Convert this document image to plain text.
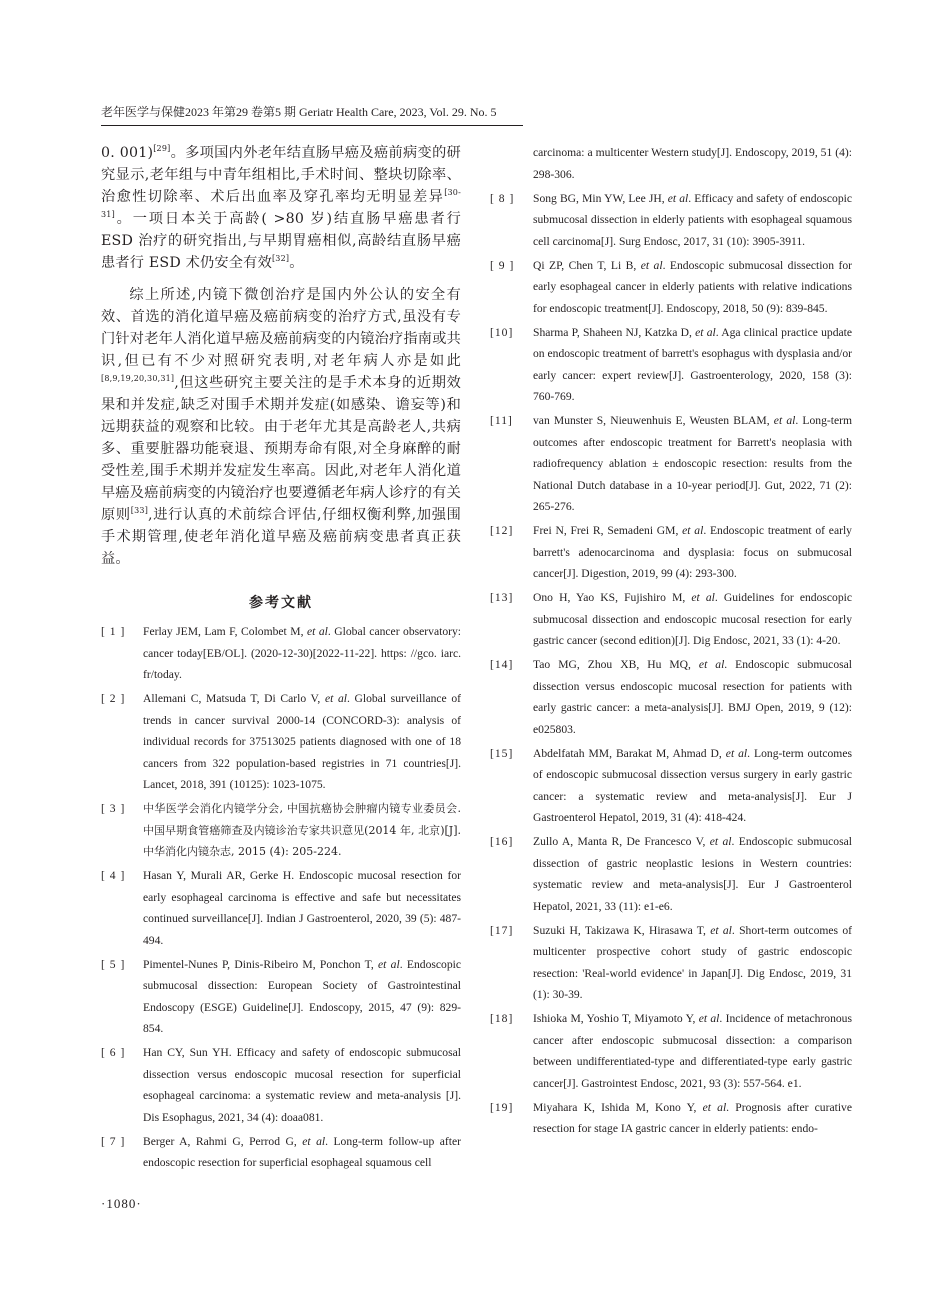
老年医学与保健2023 年第29 卷第5 期 Geriatr Health Care, 2023, Vol. 29. No. 5

0. 001)[29]。多项国内外老年结直肠早癌及癌前病变的研究显示,老年组与中青年组相比,手术时间、整块切除率、治愈性切除率、术后出血率及穿孔率均无明显差异[30-31]。一项日本关于高龄( >80 岁)结直肠早癌患者行 ESD 治疗的研究指出,与早期胃癌相似,高龄结直肠早癌患者行 ESD 术仍安全有效[32]。

综上所述,内镜下微创治疗是国内外公认的安全有效、首选的消化道早癌及癌前病变的治疗方式,虽没有专门针对老年人消化道早癌及癌前病变的内镜治疗指南或共识,但已有不少对照研究表明,对老年病人亦是如此[8,9,19,20,30,31],但这些研究主要关注的是手术本身的近期效果和并发症,缺乏对围手术期并发症(如感染、谵妄等)和远期获益的观察和比较。由于老年尤其是高龄老人,共病多、重要脏器功能衰退、预期寿命有限,对全身麻醉的耐受性差,围手术期并发症发生率高。因此,对老年人消化道早癌及癌前病变的内镜治疗也要遵循老年病人诊疗的有关原则[33],进行认真的术前综合评估,仔细权衡利弊,加强围手术期管理,使老年消化道早癌及癌前病变患者真正获益。

参考文献
[ 1 ]	Ferlay JEM, Lam F, Colombet M, et al. Global cancer observatory: cancer today[EB/OL]. (2020-12-30)[2022-11-22]. https: //gco. iarc. fr/today.
[ 2 ]	Allemani C, Matsuda T, Di Carlo V, et al. Global surveillance of trends in cancer survival 2000-14 (CONCORD-3): analysis of individual records for 37513025 patients diagnosed with one of 18 cancers from 322 population-based registries in 71 countries[J]. Lancet, 2018, 391 (10125): 1023-1075.
[ 3 ]	中华医学会消化内镜学分会, 中国抗癌协会肿瘤内镜专业委员会. 中国早期食管癌筛查及内镜诊治专家共识意见(2014 年, 北京)[J]. 中华消化内镜杂志, 2015 (4): 205-224.
[ 4 ]	Hasan Y, Murali AR, Gerke H. Endoscopic mucosal resection for early esophageal carcinoma is effective and safe but necessitates continued surveillance[J]. Indian J Gastroenterol, 2020, 39 (5): 487-494.
[ 5 ]	Pimentel-Nunes P, Dinis-Ribeiro M, Ponchon T, et al. Endoscopic submucosal dissection: European Society of Gastrointestinal Endoscopy (ESGE) Guideline[J]. Endoscopy, 2015, 47 (9): 829-854.
[ 6 ]	Han CY, Sun YH. Efficacy and safety of endoscopic submucosal dissection versus endoscopic mucosal resection for superficial esophageal carcinoma: a systematic review and meta-analysis [J]. Dis Esophagus, 2021, 34 (4): doaa081.
[ 7 ]	Berger A, Rahmi G, Perrod G, et al. Long-term follow-up after endoscopic resection for superficial esophageal squamous cell
carcinoma: a multicenter Western study[J]. Endoscopy, 2019, 51 (4): 298-306.
[ 8 ]	Song BG, Min YW, Lee JH, et al. Efficacy and safety of endoscopic submucosal dissection in elderly patients with esophageal squamous cell carcinoma[J]. Surg Endosc, 2017, 31 (10): 3905-3911.
[ 9 ]	Qi ZP, Chen T, Li B, et al. Endoscopic submucosal dissection for early esophageal cancer in elderly patients with relative indications for endoscopic treatment[J]. Endoscopy, 2018, 50 (9): 839-845.
[10]	Sharma P, Shaheen NJ, Katzka D, et al. Aga clinical practice update on endoscopic treatment of barrett's esophagus with dysplasia and/or early cancer: expert review[J]. Gastroenterology, 2020, 158 (3): 760-769.
[11]	van Munster S, Nieuwenhuis E, Weusten BLAM, et al. Long-term outcomes after endoscopic treatment for Barrett's neoplasia with radiofrequency ablation ± endoscopic resection: results from the National Dutch database in a 10-year period[J]. Gut, 2022, 71 (2): 265-276.
[12]	Frei N, Frei R, Semadeni GM, et al. Endoscopic treatment of early barrett's adenocarcinoma and dysplasia: focus on submucosal cancer[J]. Digestion, 2019, 99 (4): 293-300.
[13]	Ono H, Yao KS, Fujishiro M, et al. Guidelines for endoscopic submucosal dissection and endoscopic mucosal resection for early gastric cancer (second edition)[J]. Dig Endosc, 2021, 33 (1): 4-20.
[14]	Tao MG, Zhou XB, Hu MQ, et al. Endoscopic submucosal dissection versus endoscopic mucosal resection for patients with early gastric cancer: a meta-analysis[J]. BMJ Open, 2019, 9 (12): e025803.
[15]	Abdelfatah MM, Barakat M, Ahmad D, et al. Long-term outcomes of endoscopic submucosal dissection versus surgery in early gastric cancer: a systematic review and meta-analysis[J]. Eur J Gastroenterol Hepatol, 2019, 31 (4): 418-424.
[16]	Zullo A, Manta R, De Francesco V, et al. Endoscopic submucosal dissection of gastric neoplastic lesions in Western countries: systematic review and meta-analysis[J]. Eur J Gastroenterol Hepatol, 2021, 33 (11): e1-e6.
[17]	Suzuki H, Takizawa K, Hirasawa T, et al. Short-term outcomes of multicenter prospective cohort study of gastric endoscopic resection: 'Real-world evidence' in Japan[J]. Dig Endosc, 2019, 31 (1): 30-39.
[18]	Ishioka M, Yoshio T, Miyamoto Y, et al. Incidence of metachronous cancer after endoscopic submucosal dissection: a comparison between undifferentiated-type and differentiated-type early gastric cancer[J]. Gastrointest Endosc, 2021, 93 (3): 557-564. e1.
[19]	Miyahara K, Ishida M, Kono Y, et al. Prognosis after curative resection for stage IA gastric cancer in elderly patients: endo-
·1080·
